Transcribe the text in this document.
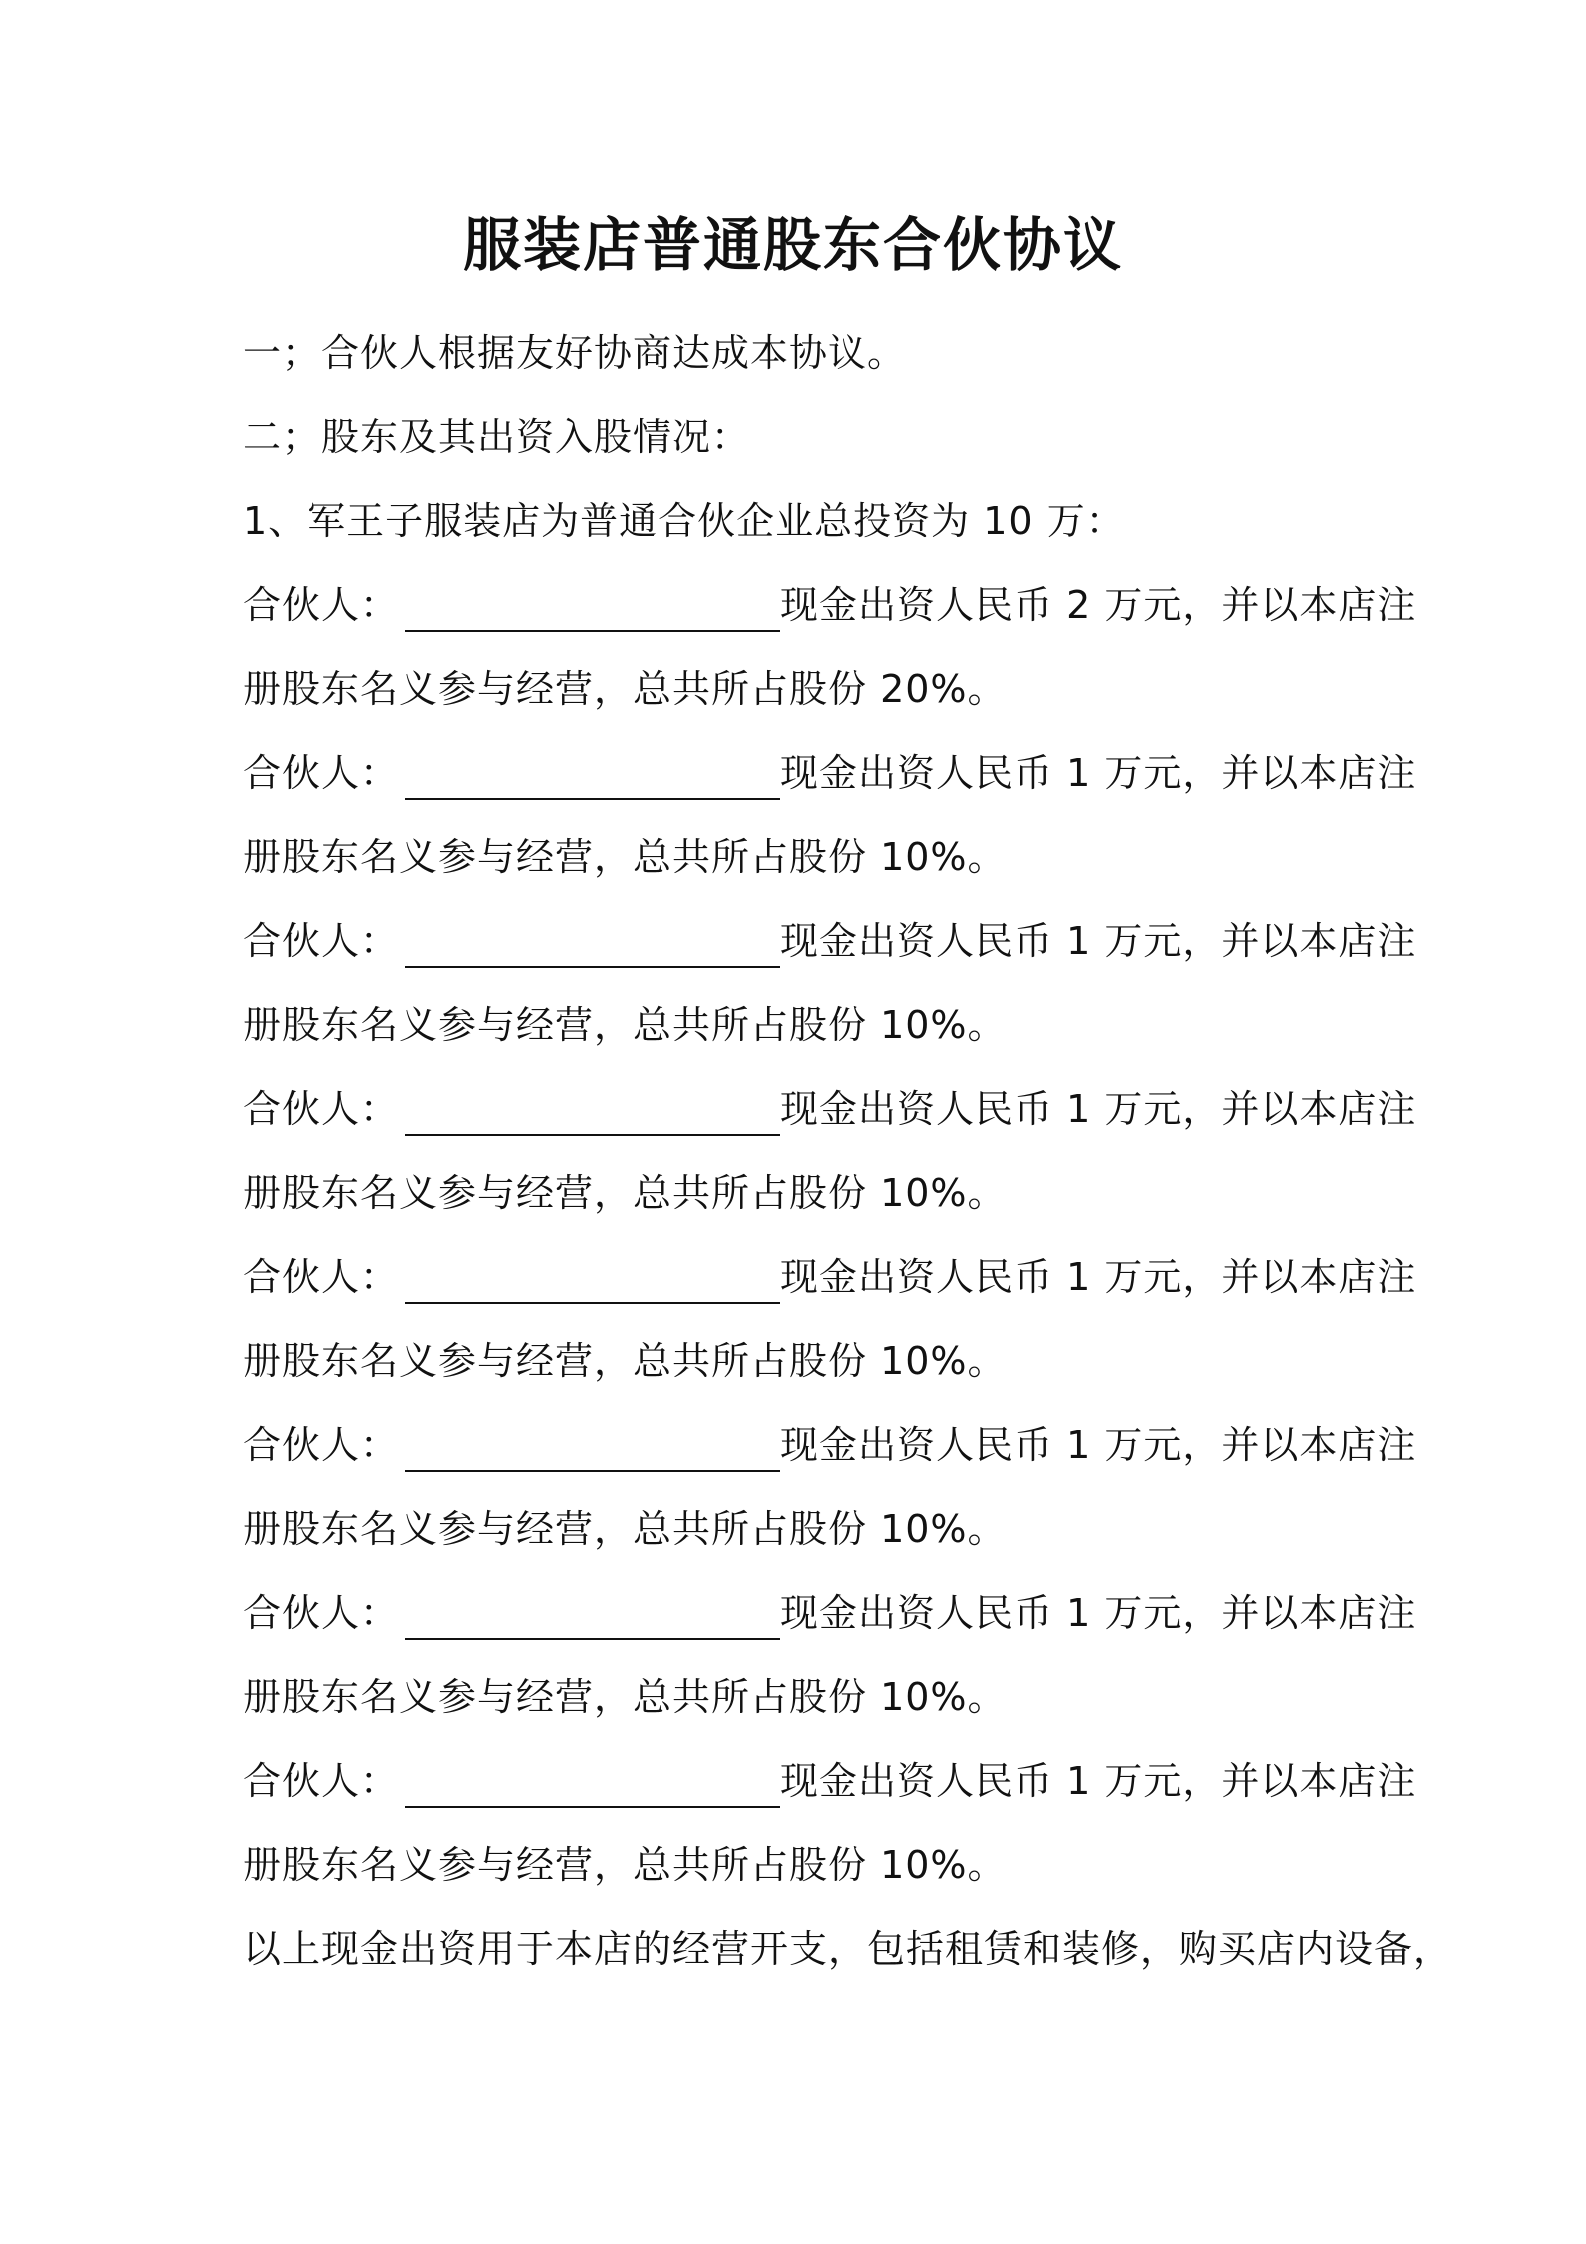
服装店普通股东合伙协议
一；合伙人根据友好协商达成本协议。
二；股东及其出资入股情况：
1、军王子服装店为普通合伙企业总投资为 10 万：
合伙人：	现金出资人民币 2 万元，并以本店注
册股东名义参与经营，总共所占股份 20%。
合伙人：	现金出资人民币 1 万元，并以本店注
册股东名义参与经营，总共所占股份 10%。
合伙人：	现金出资人民币 1 万元，并以本店注
册股东名义参与经营，总共所占股份 10%。
合伙人：	现金出资人民币 1 万元，并以本店注
册股东名义参与经营，总共所占股份 10%。
合伙人：	现金出资人民币 1 万元，并以本店注
册股东名义参与经营，总共所占股份 10%。
合伙人：	现金出资人民币 1 万元，并以本店注
册股东名义参与经营，总共所占股份 10%。
合伙人：	现金出资人民币 1 万元，并以本店注
册股东名义参与经营，总共所占股份 10%。
合伙人：	现金出资人民币 1 万元，并以本店注
册股东名义参与经营，总共所占股份 10%。
以上现金出资用于本店的经营开支，包括租赁和装修，购买店内设备，
